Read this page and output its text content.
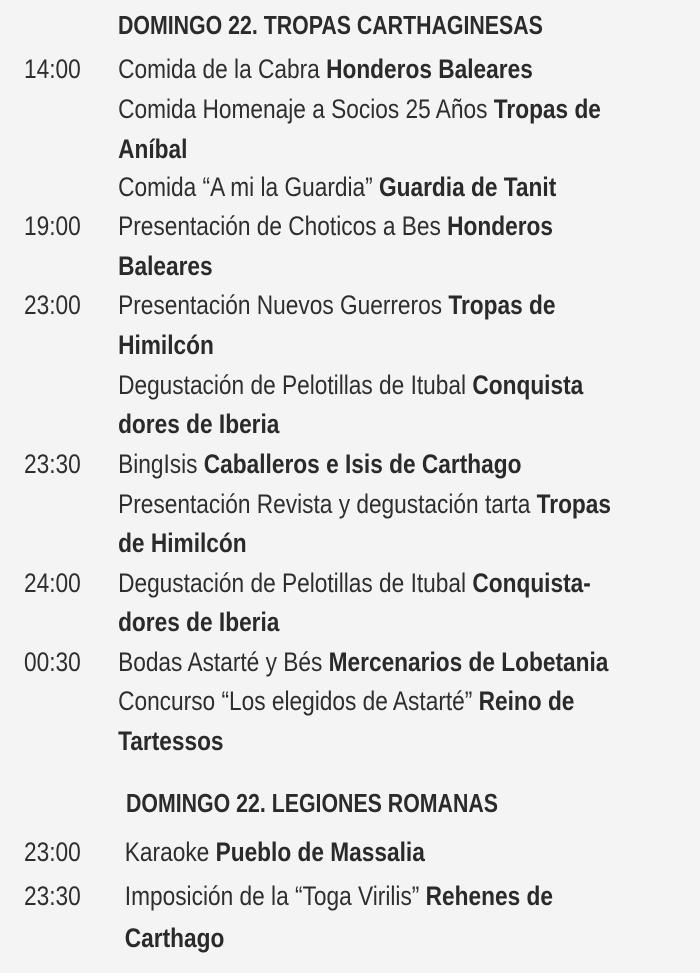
DOMINGO 22. TROPAS CARTHAGINESAS
14:00 Comida de la Cabra Honderos Baleares
Comida Homenaje a Socios 25 Años Tropas de
Aníbal
Comida “A mi la Guardia” Guardia de Tanit
19:00 Presentación de Choticos a Bes Honderos
Baleares
23:00 Presentación Nuevos Guerreros Tropas de
Himilcón
Degustación de Pelotillas de Itubal Conquista
dores de Iberia
23:30 BingIsis Caballeros e Isis de Carthago
Presentación Revista y degustación tarta Tropas
de Himilcón
24:00 Degustación de Pelotillas de Itubal Conquista-
dores de Iberia
00:30 Bodas Astarté y Bés Mercenarios de Lobetania
Concurso “Los elegidos de Astarté” Reino de
Tartessos
DOMINGO 22. LEGIONES ROMANAS
23:00 Karaoke Pueblo de Massalia
23:30 Imposición de la “Toga Virilis” Rehenes de
Carthago
